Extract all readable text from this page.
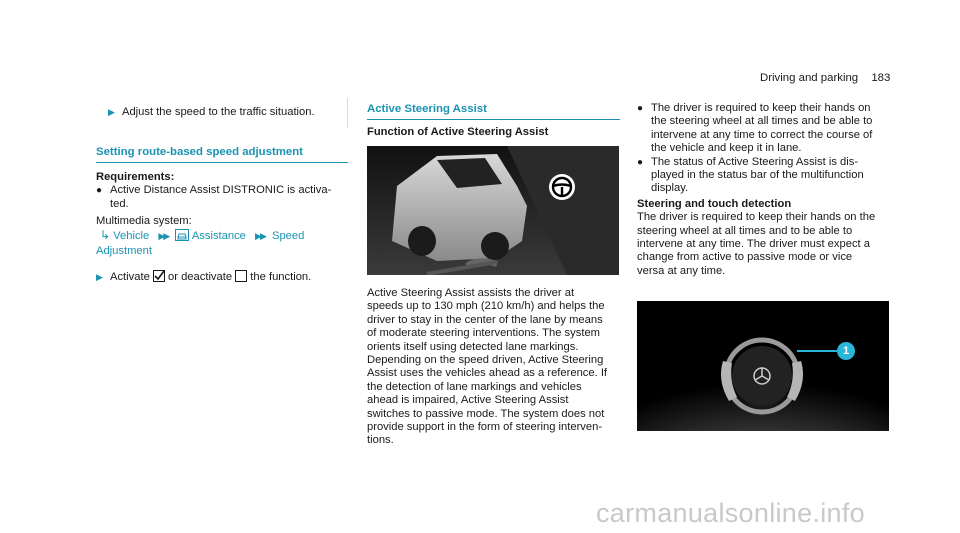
Driving and parking 183
▶ Adjust the speed to the traffic situation.
Setting route-based speed adjustment
Requirements:
● Active Distance Assist DISTRONIC is activa-
ted.
Multimedia system:
↳ Vehicle ▶▶ Assistance ▶▶ Speed
Adjustment
▶ Activate or deactivate the function.
Active Steering Assist
Function of Active Steering Assist
Active Steering Assist assists the driver at
speeds up to 130 mph (210 km/h) and helps the
driver to stay in the center of the lane by means
of moderate steering interventions. The system
orients itself using detected lane markings.
Depending on the speed driven, Active Steering
Assist uses the vehicles ahead as a reference. If
the detection of lane markings and vehicles
ahead is impaired, Active Steering Assist
switches to passive mode. The system does not
provide support in the form of steering interven-
tions.
● The driver is required to keep their hands on
the steering wheel at all times and be able to
intervene at any time to correct the course of
the vehicle and keep it in lane.
● The status of Active Steering Assist is dis-
played in the status bar of the multifunction
display.
Steering and touch detection
The driver is required to keep their hands on the
steering wheel at all times and to be able to
intervene at any time. The driver must expect a
change from active to passive mode or vice
versa at any time.
1
carmanualsonline.info
